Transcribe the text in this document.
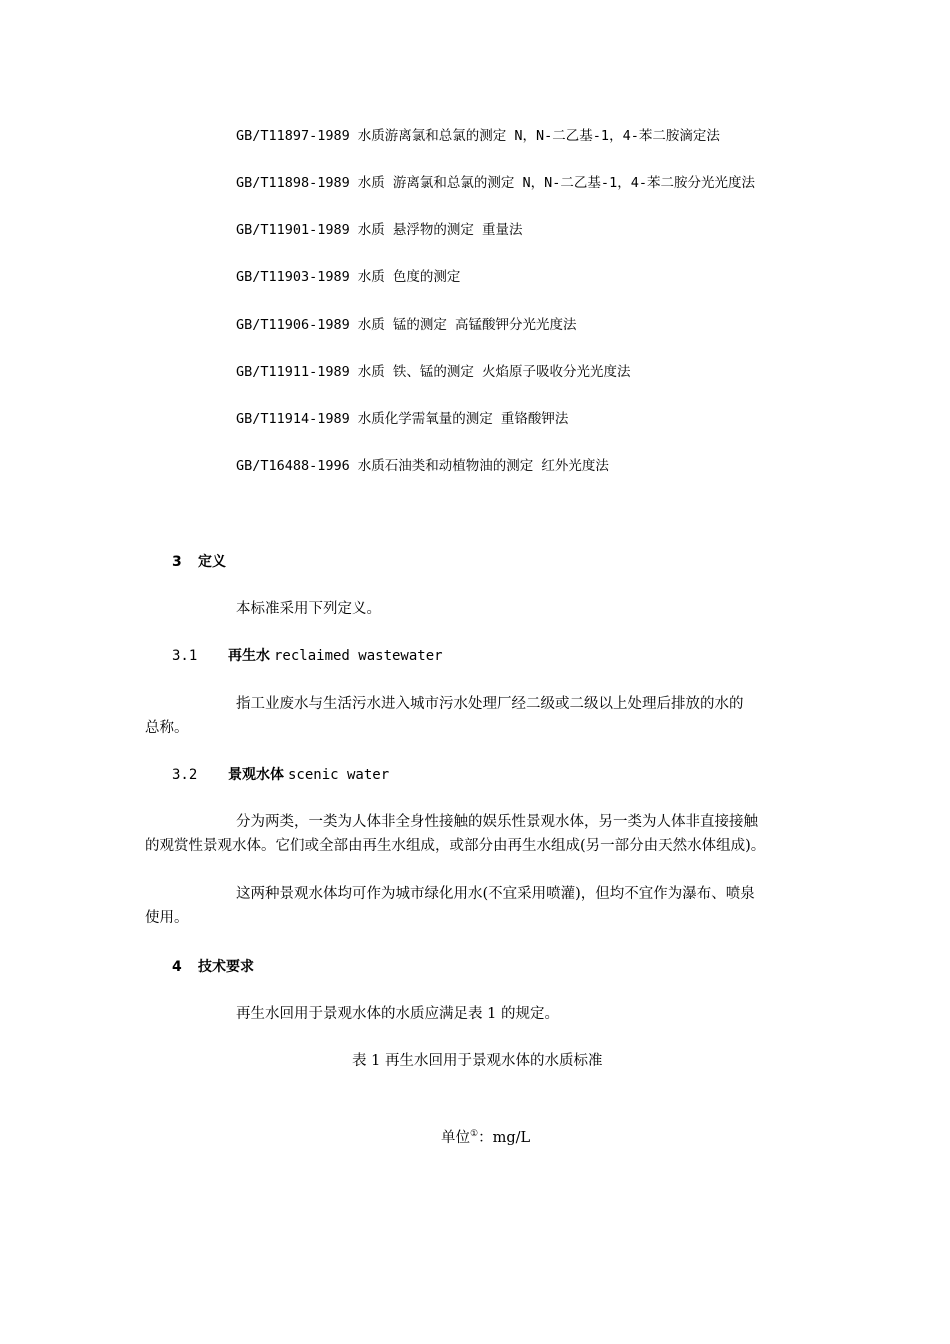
GB/T11897-1989 水质游离氯和总氯的测定 N，N-二乙基-1，4-苯二胺滴定法
GB/T11898-1989 水质 游离氯和总氯的测定 N，N-二乙基-1，4-苯二胺分光光度法
GB/T11901-1989 水质 悬浮物的测定 重量法
GB/T11903-1989 水质 色度的测定
GB/T11906-1989 水质 锰的测定 高锰酸钾分光光度法
GB/T11911-1989 水质 铁、锰的测定 火焰原子吸收分光光度法
GB/T11914-1989 水质化学需氧量的测定 重铬酸钾法
GB/T16488-1996 水质石油类和动植物油的测定 红外光度法
3 定义
本标准采用下列定义。
3.1 再生水 reclaimed wastewater
指工业废水与生活污水进入城市污水处理厂经二级或二级以上处理后排放的水的
总称。
3.2 景观水体 scenic water
分为两类，一类为人体非全身性接触的娱乐性景观水体，另一类为人体非直接接触
的观赏性景观水体。它们或全部由再生水组成，或部分由再生水组成(另一部分由天然水体组成)。
这两种景观水体均可作为城市绿化用水(不宜采用喷灌)，但均不宜作为瀑布、喷泉
使用。
4 技术要求
再生水回用于景观水体的水质应满足表 1 的规定。
表 1 再生水回用于景观水体的水质标准
单位①：mg/L
